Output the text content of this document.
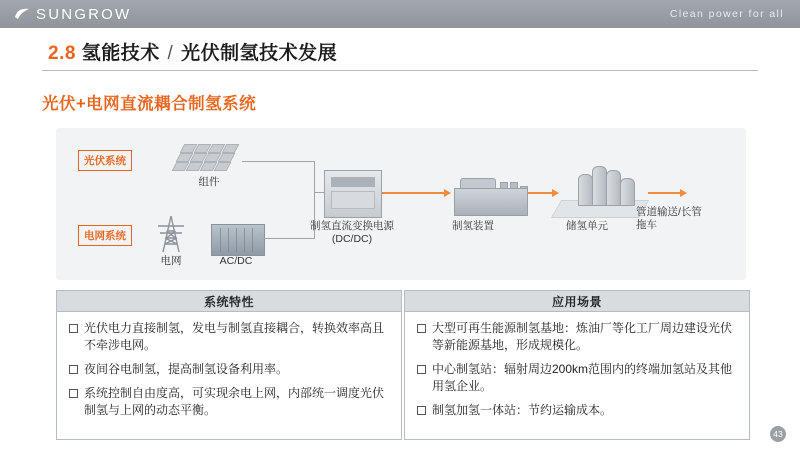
SUNGROW	Clean power for all
2.8 氢能技术 / 光伏制氢技术发展
光伏+电网直流耦合制氢系统
光伏系统
电网系统
组件
电网	AC/DC
制氢直流变换电源
(DC/DC)
制氢装置	储氢单元
管道输送/长管
拖车
系统特性
光伏电力直接制氢，发电与制氢直接耦合，转换效率高且不牵涉电网。
夜间谷电制氢，提高制氢设备利用率。
系统控制自由度高，可实现余电上网，内部统一调度光伏制氢与上网的动态平衡。
应用场景
大型可再生能源制氢基地：炼油厂等化工厂周边建设光伏等新能源基地，形成规模化。
中心制氢站：辐射周边200km范围内的终端加氢站及其他用氢企业。
制氢加氢一体站：节约运输成本。
43
